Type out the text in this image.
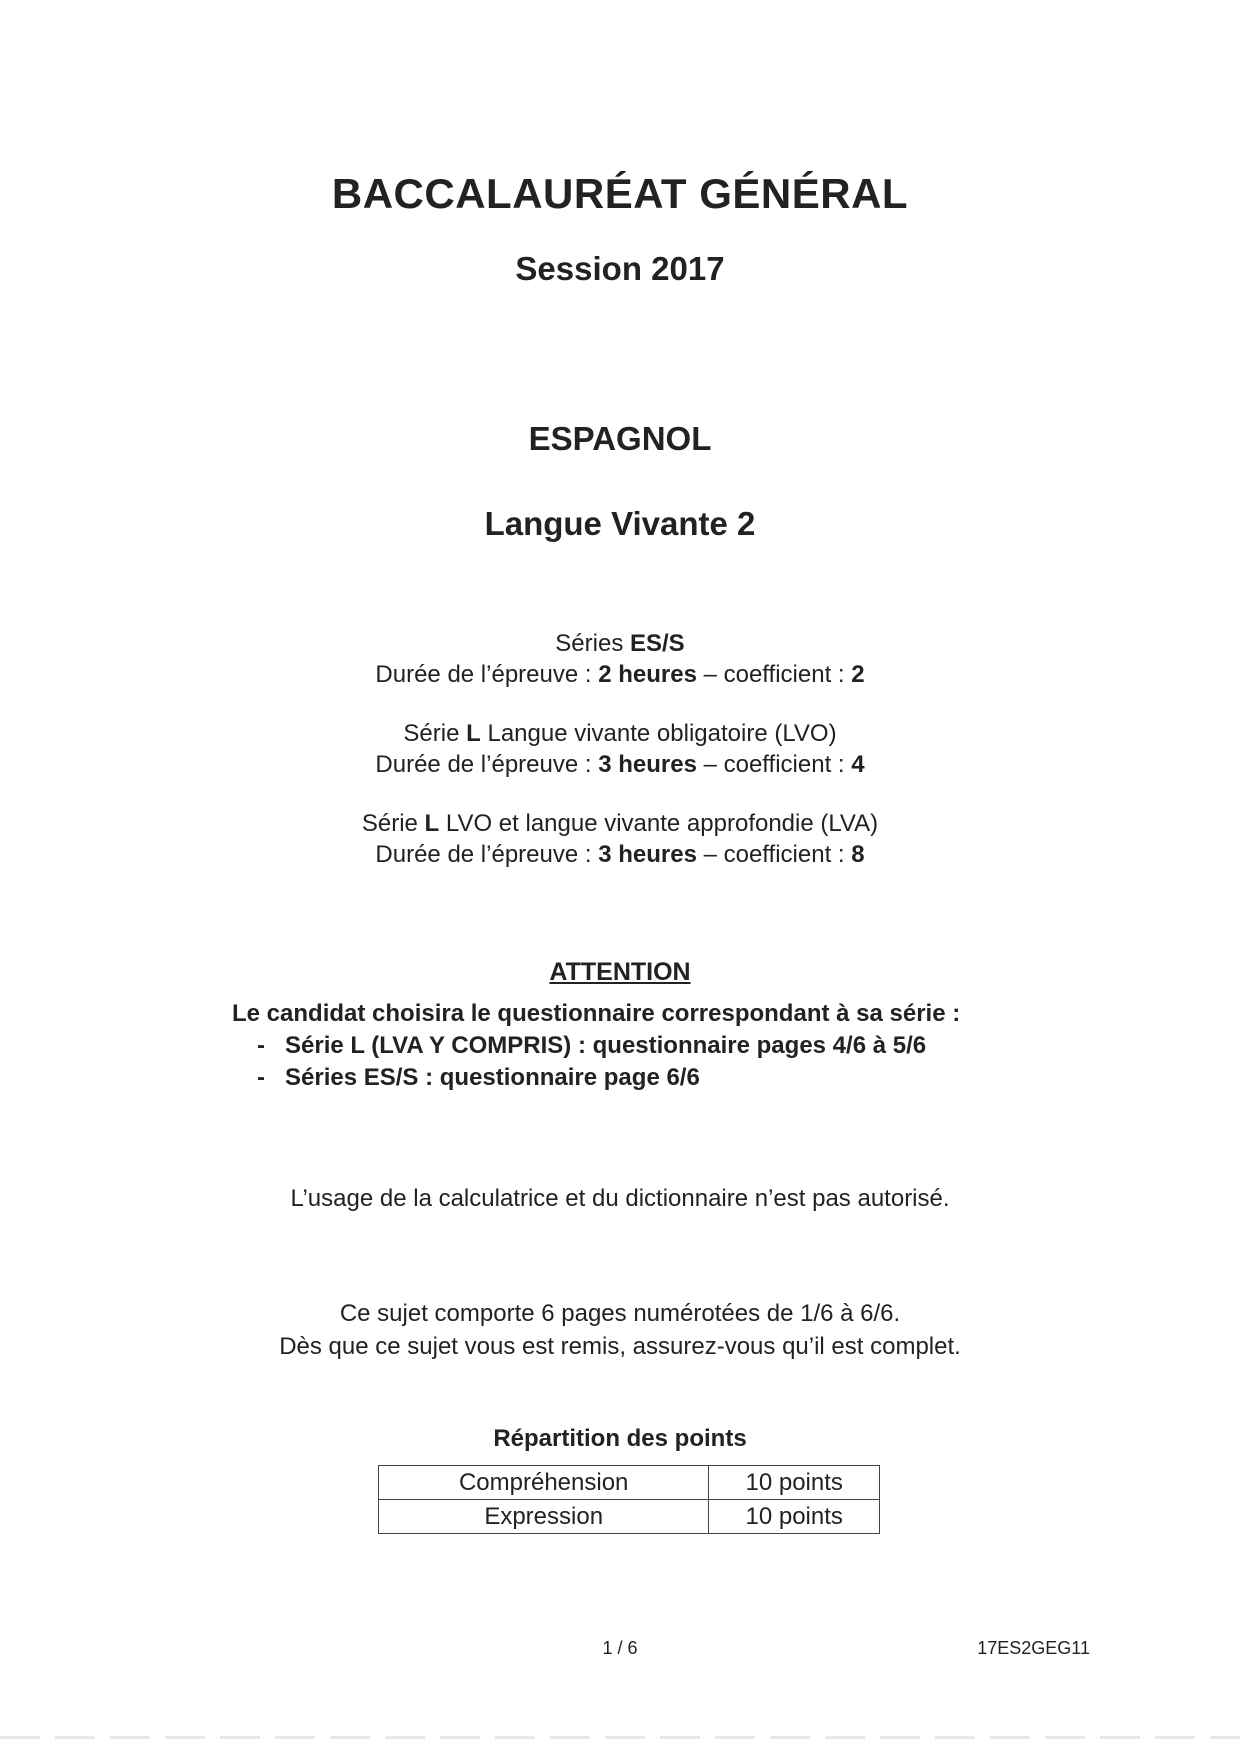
BACCALAURÉAT GÉNÉRAL
Session 2017
ESPAGNOL
Langue Vivante 2
Séries ES/S
Durée de l’épreuve : 2 heures – coefficient : 2
Série L Langue vivante obligatoire (LVO)
Durée de l’épreuve : 3 heures – coefficient : 4
Série L LVO et langue vivante approfondie (LVA)
Durée de l’épreuve : 3 heures – coefficient : 8
ATTENTION
Le candidat choisira le questionnaire correspondant à sa série :
- Série L (LVA Y COMPRIS) : questionnaire pages 4/6 à 5/6
- Séries ES/S : questionnaire page 6/6
L’usage de la calculatrice et du dictionnaire n’est pas autorisé.
Ce sujet comporte 6 pages numérotées de 1/6 à 6/6.
Dès que ce sujet vous est remis, assurez-vous qu’il est complet.
Répartition des points
Compréhension	10 points
Expression	10 points
1 / 6	17ES2GEG11
